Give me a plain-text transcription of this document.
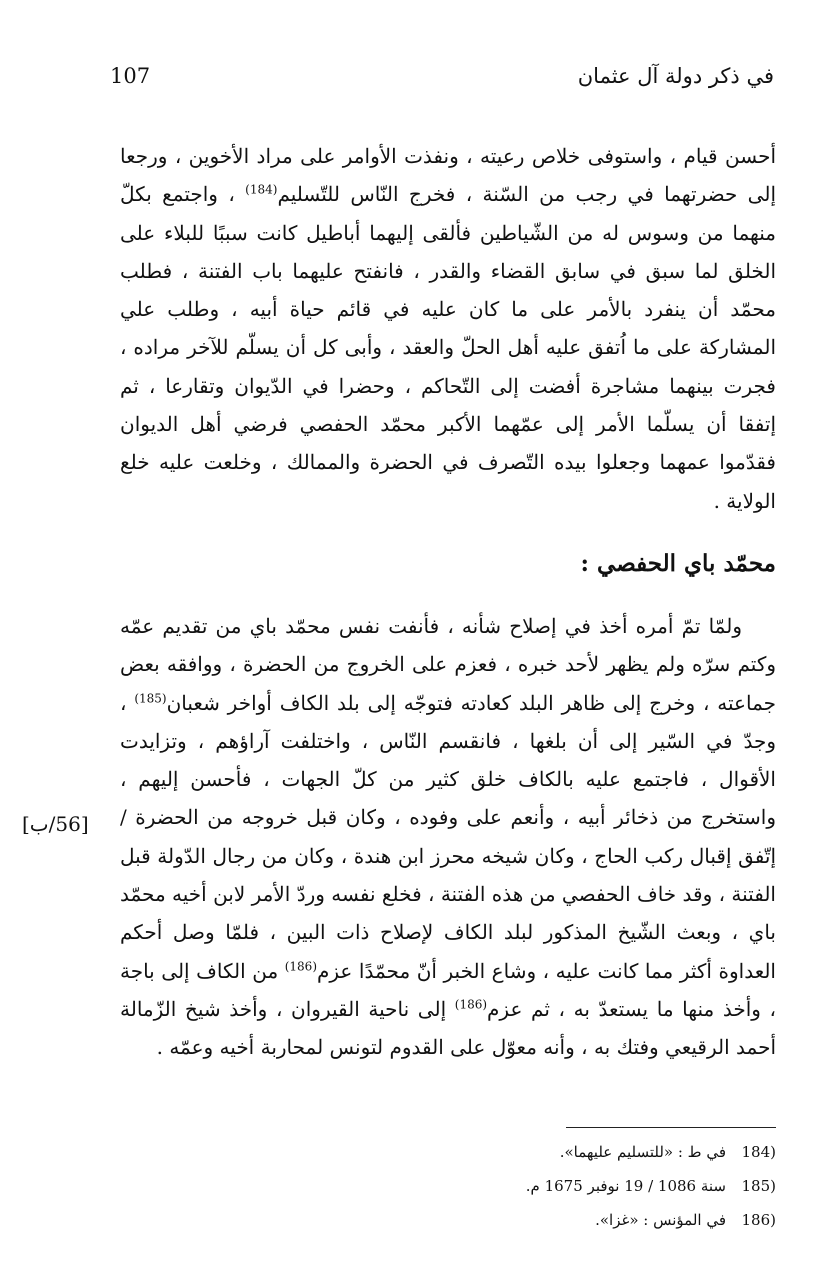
في ذكر دولة آل عثمان
107
أحسن قيام ، واستوفى خلاص رعيته ، ونفذت الأوامر على مراد الأخوين ، ورجعا إلى حضرتهما في رجب من السّنة ، فخرج النّاس للتّسليم$^{(184)}$ ، واجتمع بكلّ منهما من وسوس له من الشّياطين فألقى إليهما أباطيل كانت سببًا للبلاء على الخلق لما سبق في سابق القضاء والقدر ، فانفتح عليهما باب الفتنة ، فطلب محمّد أن ينفرد بالأمر على ما كان عليه في قائم حياة أبيه ، وطلب علي المشاركة على ما اُتفق عليه أهل الحلّ والعقد ، وأبى كل أن يسلّم للآخر مراده ، فجرت بينهما مشاجرة أفضت إلى التّحاكم ، وحضرا في الدّيوان وتقارعا ، ثم إتفقا أن يسلّما الأمر إلى عمّهما الأكبر محمّد الحفصي فرضي أهل الديوان فقدّموا عمهما وجعلوا بيده التّصرف في الحضرة والممالك ، وخلعت عليه خلع الولاية .
محمّد باي الحفصي :
ولمّا تمّ أمره أخذ في إصلاح شأنه ، فأنفت نفس محمّد باي من تقديم عمّه وكتم سرّه ولم يظهر لأحد خبره ، فعزم على الخروج من الحضرة ، ووافقه بعض جماعته ، وخرج إلى ظاهر البلد كعادته فتوجّه إلى بلد الكاف أواخر شعبان$^{(185)}$ ، وجدّ في السّير إلى أن بلغها ، فانقسم النّاس ، واختلفت آراؤهم ، وتزايدت الأقوال ، فاجتمع عليه بالكاف خلق كثير من كلّ الجهات ، فأحسن إليهم ، واستخرج من ذخائر أبيه ، وأنعم على وفوده ، وكان قبل خروجه من الحضرة / إتّفق إقبال ركب الحاج ، وكان شيخه محرز ابن هندة ، وكان من رجال الدّولة قبل الفتنة ، وقد خاف الحفصي من هذه الفتنة ، فخلع نفسه وردّ الأمر لابن أخيه محمّد باي ، وبعث الشّيخ المذكور لبلد الكاف لإصلاح ذات البين ، فلمّا وصل أحكم العداوة أكثر مما كانت عليه ، وشاع الخبر أنّ محمّدًا عزم$^{(186)}$ من الكاف إلى باجة ، وأخذ منها ما يستعدّ به ، ثم عزم$^{(186)}$ إلى ناحية القيروان ، وأخذ شيخ الزّمالة أحمد الرقيعي وفتك به ، وأنه معوّل على القدوم لتونس لمحاربة أخيه وعمّه .
[56/ب]
184)
في ط : «للتسليم عليهما».
185)
سنة 1086 / 19 نوفبر 1675 م.
186)
في المؤنس : «غزا».
